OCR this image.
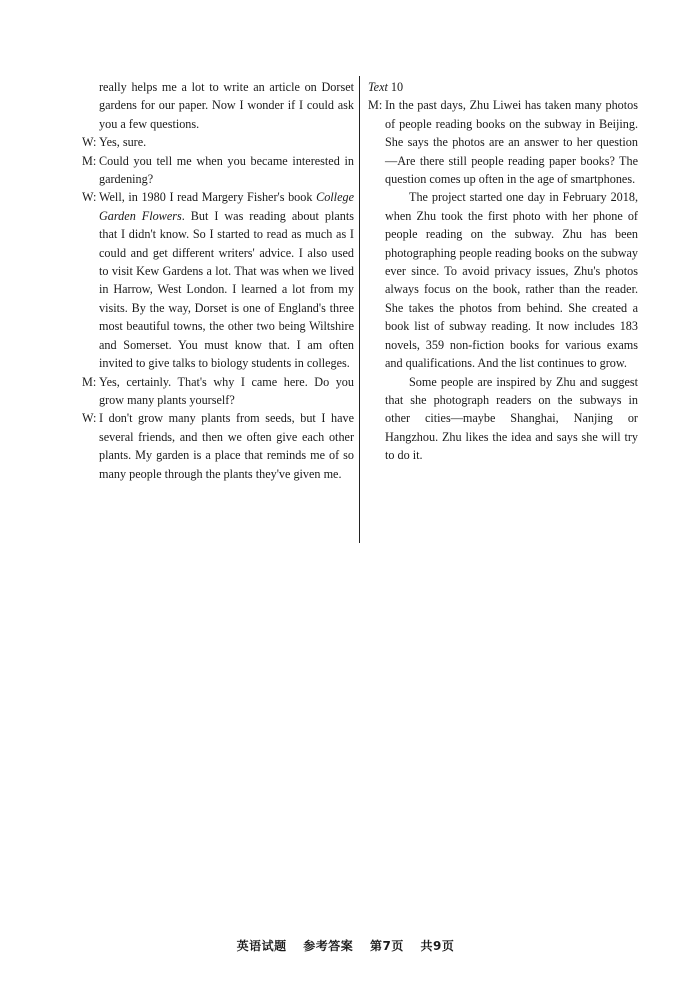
really helps me a lot to write an article on Dorset gardens for our paper. Now I wonder if I could ask you a few questions.

W: Yes, sure.
M: Could you tell me when you became interested in gardening?
W: Well, in 1980 I read Margery Fisher's book College Garden Flowers. But I was reading about plants that I didn't know. So I started to read as much as I could and get different writers' advice. I also used to visit Kew Gardens a lot. That was when we lived in Harrow, West London. I learned a lot from my visits. By the way, Dorset is one of England's three most beautiful towns, the other two being Wiltshire and Somerset. You must know that. I am often invited to give talks to biology students in colleges.
M: Yes, certainly. That's why I came here. Do you grow many plants yourself?
W: I don't grow many plants from seeds, but I have several friends, and then we often give each other plants. My garden is a place that reminds me of so many people through the plants they've given me.

Text 10

M: In the past days, Zhu Liwei has taken many photos of people reading books on the subway in Beijing. She says the photos are an answer to her question—Are there still people reading paper books? The question comes up often in the age of smartphones.

The project started one day in February 2018, when Zhu took the first photo with her phone of people reading on the subway. Zhu has been photographing people reading books on the subway ever since. To avoid privacy issues, Zhu's photos always focus on the book, rather than the reader. She takes the photos from behind. She created a book list of subway reading. It now includes 183 novels, 359 non-fiction books for various exams and qualifications. And the list continues to grow.

Some people are inspired by Zhu and suggest that she photograph readers on the subways in other cities—maybe Shanghai, Nanjing or Hangzhou. Zhu likes the idea and says she will try to do it.

英语试题 参考答案 第7页 共9页
